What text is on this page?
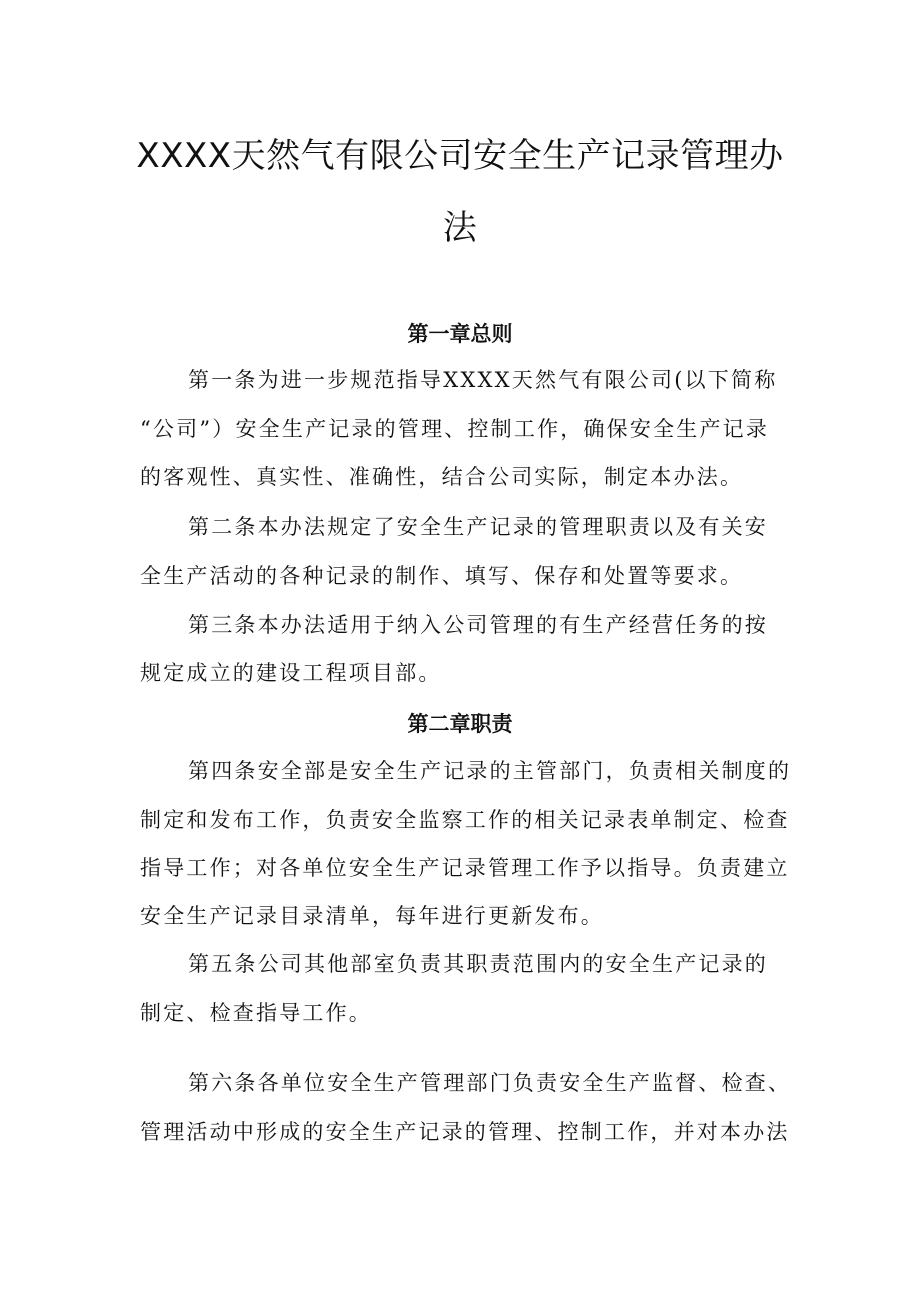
XXXX天然气有限公司安全生产记录管理办
法
第一章总则

第一条为进一步规范指导XXXX天然气有限公司(以下简称

“公司”）安全生产记录的管理、控制工作，确保安全生产记录

的客观性、真实性、准确性，结合公司实际，制定本办法。

第二条本办法规定了安全生产记录的管理职责以及有关安

全生产活动的各种记录的制作、填写、保存和处置等要求。

第三条本办法适用于纳入公司管理的有生产经营任务的按

规定成立的建设工程项目部。

第二章职责

第四条安全部是安全生产记录的主管部门，负责相关制度的

制定和发布工作，负责安全监察工作的相关记录表单制定、检查

指导工作；对各单位安全生产记录管理工作予以指导。负责建立

安全生产记录目录清单，每年进行更新发布。

第五条公司其他部室负责其职责范围内的安全生产记录的

制定、检查指导工作。

第六条各单位安全生产管理部门负责安全生产监督、检查、

管理活动中形成的安全生产记录的管理、控制工作，并对本办法
